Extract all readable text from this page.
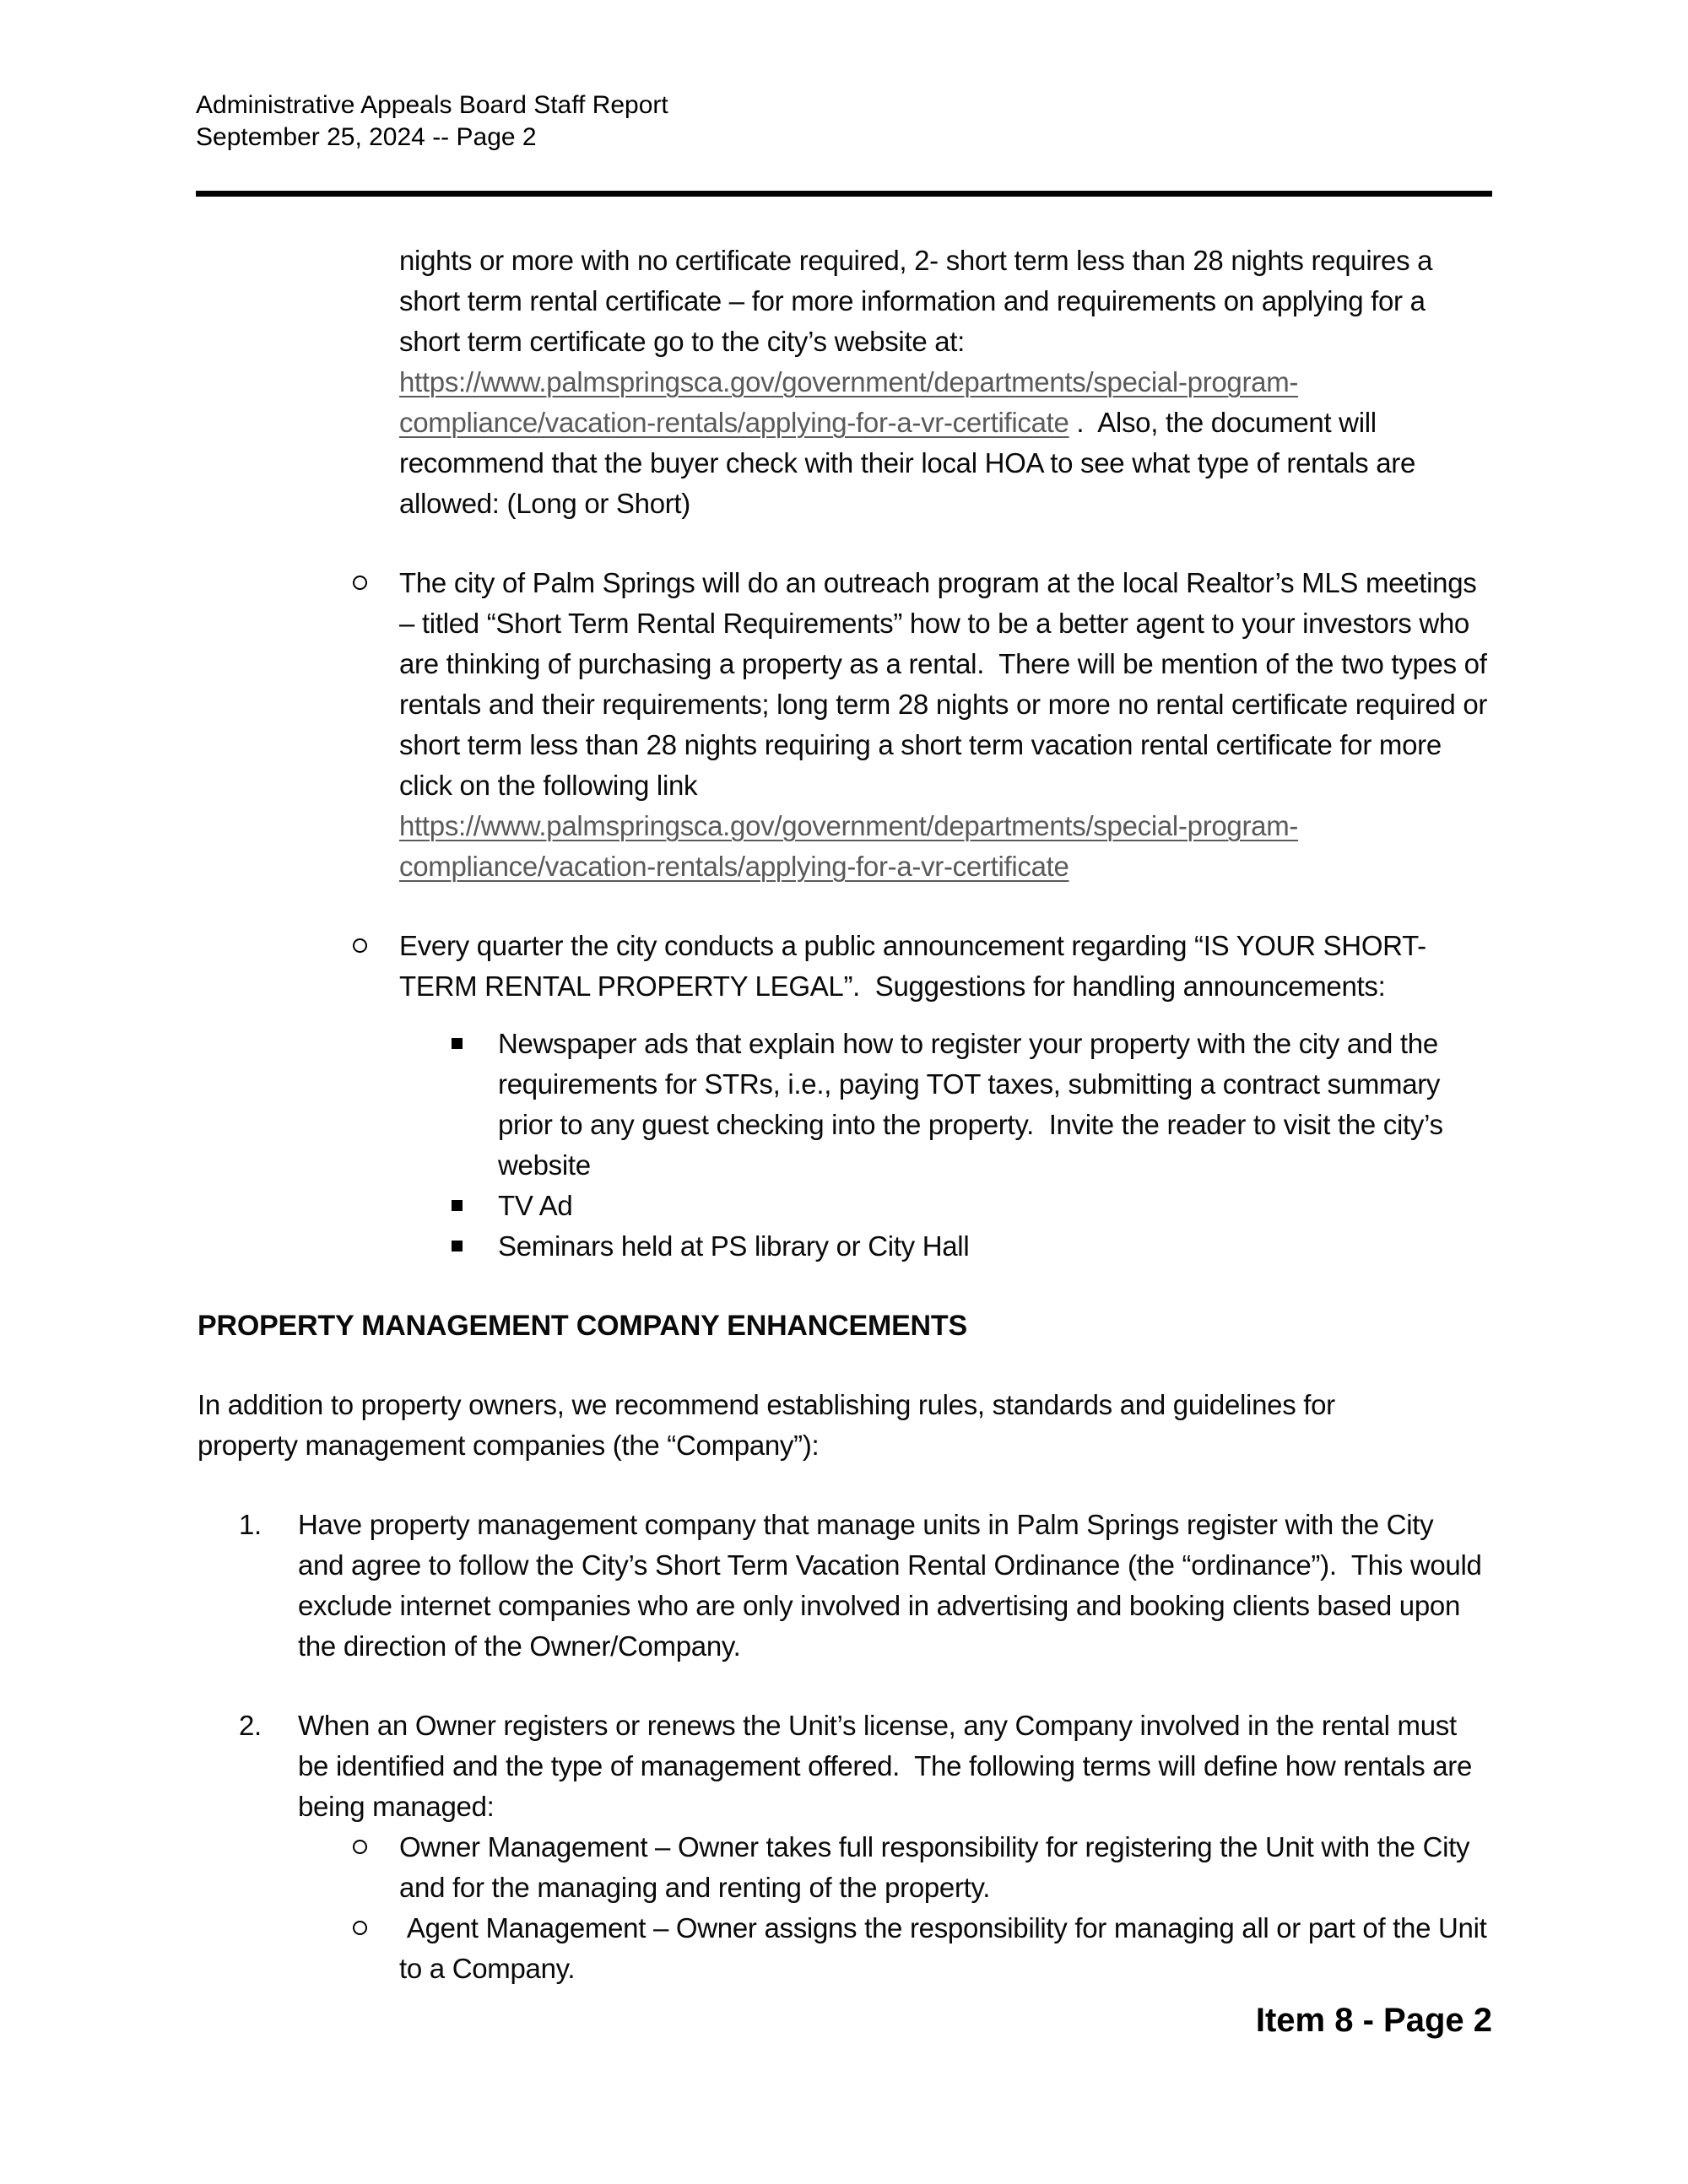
Administrative Appeals Board Staff Report
September 25, 2024 -- Page 2
nights or more with no certificate required, 2- short term less than 28 nights requires a short term rental certificate – for more information and requirements on applying for a short term certificate go to the city’s website at:  https://www.palmspringsca.gov/government/departments/special-program-compliance/vacation-rentals/applying-for-a-vr-certificate .  Also, the document will recommend that the buyer check with their local HOA to see what type of rentals are allowed: (Long or Short)
The city of Palm Springs will do an outreach program at the local Realtor’s MLS meetings – titled “Short Term Rental Requirements” how to be a better agent to your investors who are thinking of purchasing a property as a rental.  There will be mention of the two types of rentals and their requirements; long term 28 nights or more no rental certificate required or short term less than 28 nights requiring a short term vacation rental certificate for more click on the following link https://www.palmspringsca.gov/government/departments/special-program-compliance/vacation-rentals/applying-for-a-vr-certificate
Every quarter the city conducts a public announcement regarding “IS YOUR SHORT-TERM RENTAL PROPERTY LEGAL”.  Suggestions for handling announcements:
Newspaper ads that explain how to register your property with the city and the requirements for STRs, i.e., paying TOT taxes, submitting a contract summary prior to any guest checking into the property.  Invite the reader to visit the city’s website
TV Ad
Seminars held at PS library or City Hall
PROPERTY MANAGEMENT COMPANY ENHANCEMENTS
In addition to property owners, we recommend establishing rules, standards and guidelines for property management companies (the “Company”):
1. Have property management company that manage units in Palm Springs register with the City and agree to follow the City’s Short Term Vacation Rental Ordinance (the “ordinance”).  This would exclude internet companies who are only involved in advertising and booking clients based upon the direction of the Owner/Company.
2. When an Owner registers or renews the Unit’s license, any Company involved in the rental must be identified and the type of management offered.  The following terms will define how rentals are being managed:
Owner Management – Owner takes full responsibility for registering the Unit with the City and for the managing and renting of the property.
Agent Management – Owner assigns the responsibility for managing all or part of the Unit to a Company.
Item 8 - Page 2
